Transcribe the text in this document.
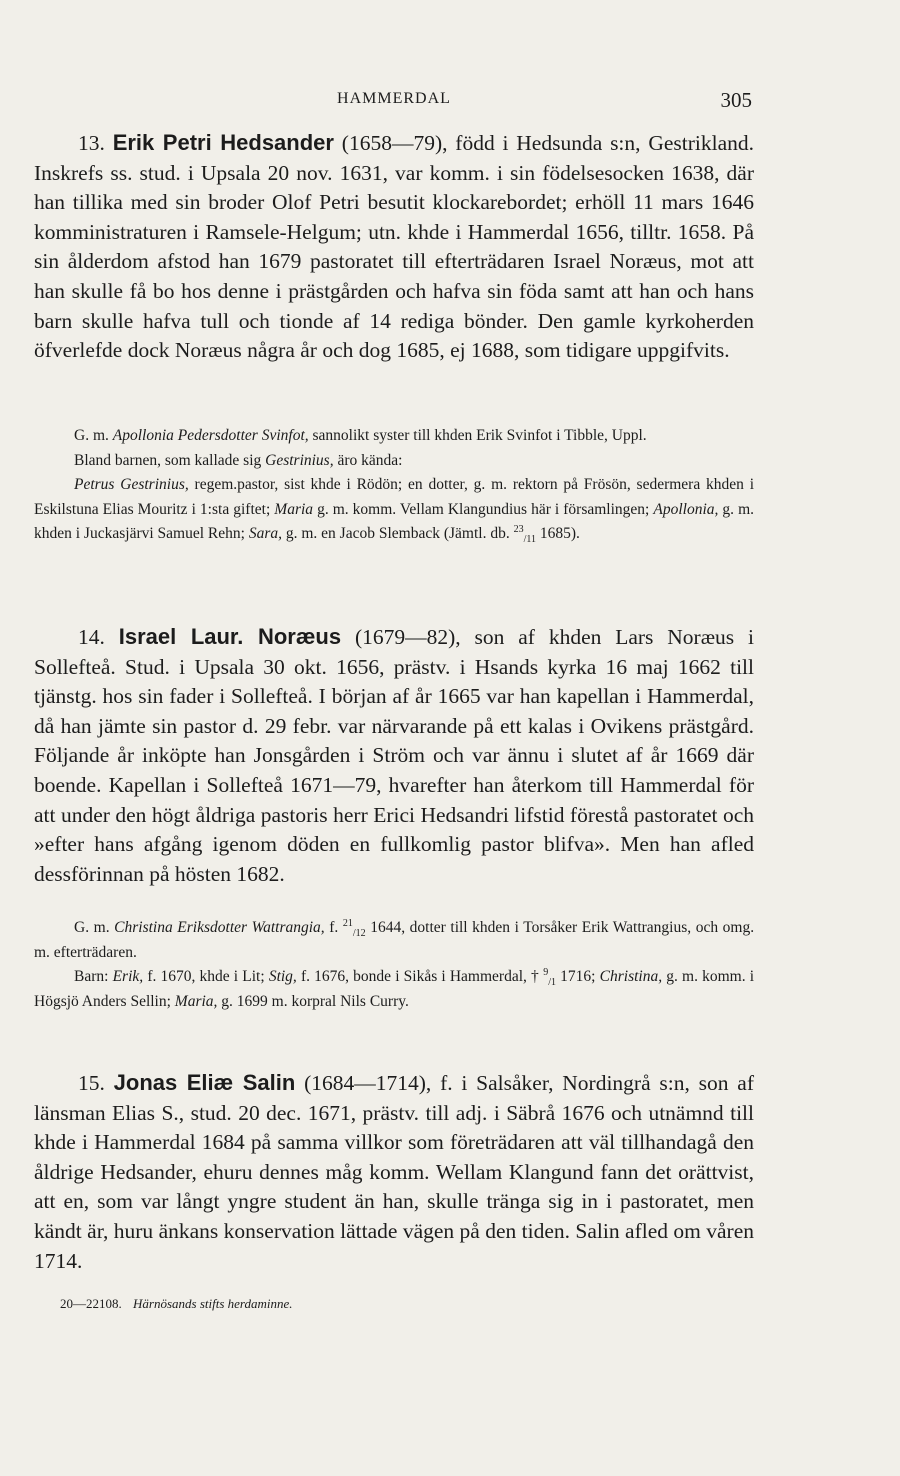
HAMMERDAL	305

13. Erik Petri Hedsander (1658—79), född i Hedsunda s:n, Gestrikland. Inskrefs ss. stud. i Upsala 20 nov. 1631, var komm. i sin födelsesocken 1638, där han tillika med sin broder Olof Petri besutit klockarebordet; erhöll 11 mars 1646 komministraturen i Ramsele-Helgum; utn. khde i Hammerdal 1656, tilltr. 1658. På sin ålderdom afstod han 1679 pastoratet till efterträdaren Israel Noræus, mot att han skulle få bo hos denne i prästgården och hafva sin föda samt att han och hans barn skulle hafva tull och tionde af 14 rediga bönder. Den gamle kyrkoherden öfverlefde dock Noræus några år och dog 1685, ej 1688, som tidigare uppgifvits.

G. m. Apollonia Pedersdotter Svinfot, sannolikt syster till khden Erik Svinfot i Tibble, Uppl.

Bland barnen, som kallade sig Gestrinius, äro kända:

Petrus Gestrinius, regem.pastor, sist khde i Rödön; en dotter, g. m. rektorn på Frösön, sedermera khden i Eskilstuna Elias Mouritz i 1:sta giftet; Maria g. m. komm. Vellam Klangundius här i församlingen; Apollonia, g. m. khden i Juckasjärvi Samuel Rehn; Sara, g. m. en Jacob Slemback (Jämtl. db. $^{23}_{/11}$ 1685).

14. Israel Laur. Noræus (1679—82), son af khden Lars Noræus i Sollefteå. Stud. i Upsala 30 okt. 1656, prästv. i Hsands kyrka 16 maj 1662 till tjänstg. hos sin fader i Sollefteå. I början af år 1665 var han kapellan i Hammerdal, då han jämte sin pastor d. 29 febr. var närvarande på ett kalas i Ovikens prästgård. Följande år inköpte han Jonsgården i Ström och var ännu i slutet af år 1669 där boende. Kapellan i Sollefteå 1671—79, hvarefter han återkom till Hammerdal för att under den högt åldriga pastoris herr Erici Hedsandri lifstid förestå pastoratet och »efter hans afgång igenom döden en fullkomlig pastor blifva». Men han afled dessförinnan på hösten 1682.

G. m. Christina Eriksdotter Wattrangia, f. $^{21}_{/12}$ 1644, dotter till khden i Torsåker Erik Wattrangius, och omg. m. efterträdaren.

Barn: Erik, f. 1670, khde i Lit; Stig, f. 1676, bonde i Sikås i Hammerdal, † $^9_{/1}$ 1716; Christina, g. m. komm. i Högsjö Anders Sellin; Maria, g. 1699 m. korpral Nils Curry.

15. Jonas Eliæ Salin (1684—1714), f. i Salsåker, Nordingrå s:n, son af länsman Elias S., stud. 20 dec. 1671, prästv. till adj. i Säbrå 1676 och utnämnd till khde i Hammerdal 1684 på samma villkor som företrädaren att väl tillhandagå den åldrige Hedsander, ehuru dennes måg komm. Wellam Klangund fann det orättvist, att en, som var långt yngre student än han, skulle tränga sig in i pastoratet, men kändt är, huru änkans konservation lättade vägen på den tiden. Salin afled om våren 1714.

20—22108. Härnösands stifts herdaminne.
